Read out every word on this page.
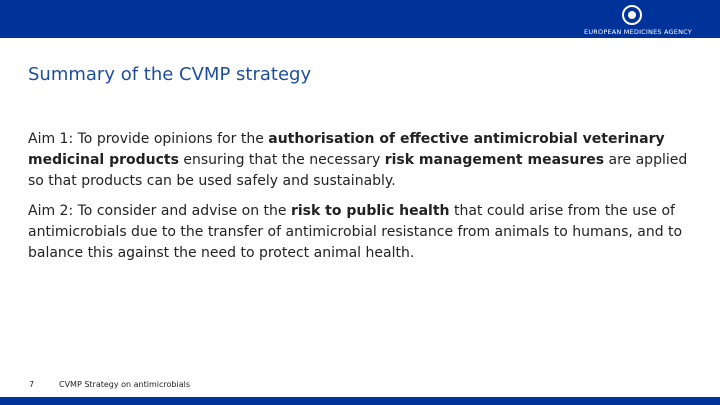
EUROPEAN MEDICINES AGENCY
Summary of the CVMP strategy

Aim 1: To provide opinions for the authorisation of effective antimicrobial veterinary medicinal products ensuring that the necessary risk management measures are applied so that products can be used safely and sustainably.

Aim 2: To consider and advise on the risk to public health that could arise from the use of antimicrobials due to the transfer of antimicrobial resistance from animals to humans, and to balance this against the need to protect animal health.

7	CVMP Strategy on antimicrobials
